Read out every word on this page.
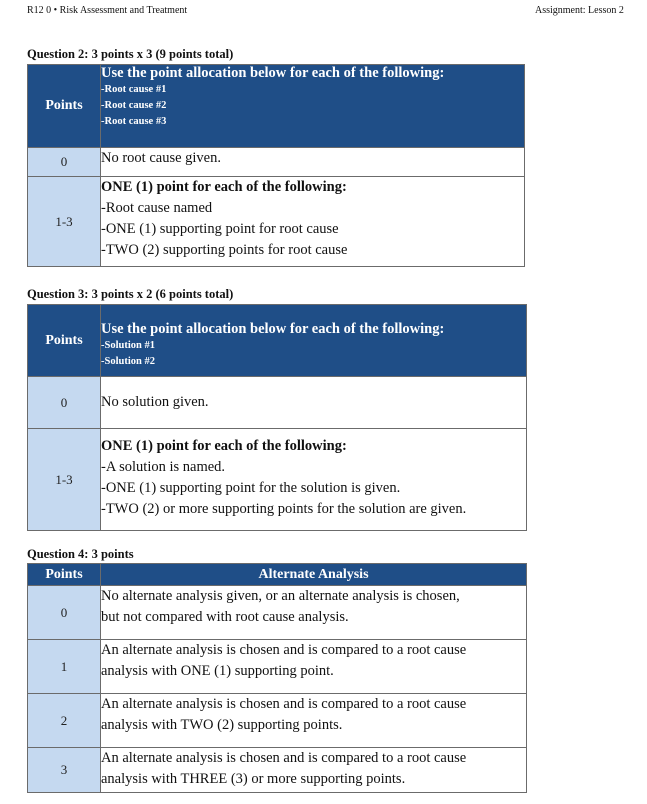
R12 0 • Risk Assessment and Treatment	Assignment: Lesson 2
Question 2: 3 points x 3 (9 points total)
Points	Use the point allocation below for each of the following:
-Root cause #1
-Root cause #2
-Root cause #3

0	No root cause given.

1-3	ONE (1) point for each of the following:
-Root cause named
-ONE (1) supporting point for root cause
-TWO (2) supporting points for root cause
Question 3: 3 points x 2 (6 points total)
Points	Use the point allocation below for each of the following:
-Solution #1
-Solution #2

0	No solution given.

1-3	ONE (1) point for each of the following:
-A solution is named.
-ONE (1) supporting point for the solution is given.
-TWO (2) or more supporting points for the solution are given.
Question 4: 3 points
Points	Alternate Analysis
0	No alternate analysis given, or an alternate analysis is chosen,
but not compared with root cause analysis.

1	An alternate analysis is chosen and is compared to a root cause
analysis with ONE (1) supporting point.

2	An alternate analysis is chosen and is compared to a root cause
analysis with TWO (2) supporting points.

3	An alternate analysis is chosen and is compared to a root cause
analysis with THREE (3) or more supporting points.
